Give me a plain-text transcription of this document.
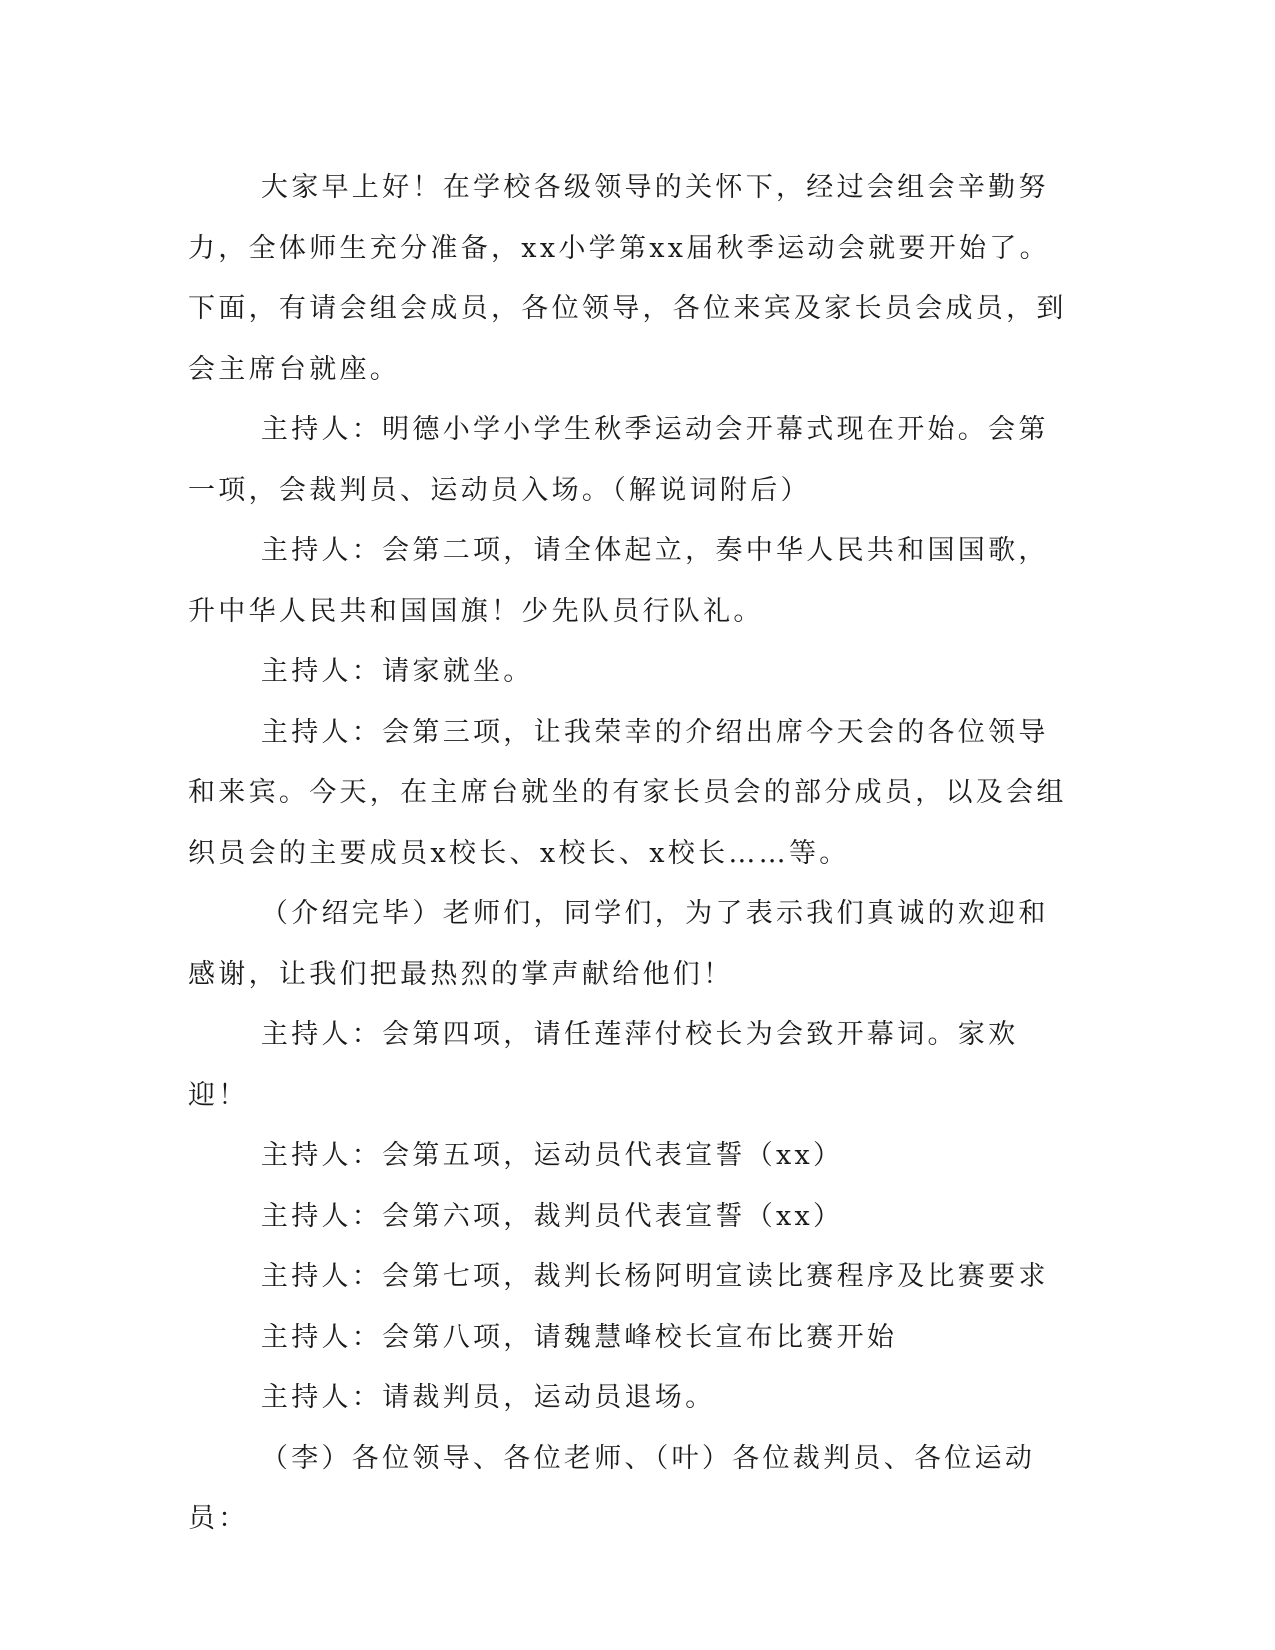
大家早上好！在学校各级领导的关怀下，经过会组会辛勤努力，全体师生充分准备，xx小学第xx届秋季运动会就要开始了。下面，有请会组会成员，各位领导，各位来宾及家长员会成员，到会主席台就座。

主持人：明德小学小学生秋季运动会开幕式现在开始。会第一项，会裁判员、运动员入场。（解说词附后）

主持人：会第二项，请全体起立，奏中华人民共和国国歌，升中华人民共和国国旗！少先队员行队礼。

主持人：请家就坐。

主持人：会第三项，让我荣幸的介绍出席今天会的各位领导和来宾。今天，在主席台就坐的有家长员会的部分成员，以及会组织员会的主要成员x校长、x校长、x校长……等。

（介绍完毕）老师们，同学们，为了表示我们真诚的欢迎和感谢，让我们把最热烈的掌声献给他们！

主持人：会第四项，请任莲萍付校长为会致开幕词。家欢迎！

主持人：会第五项，运动员代表宣誓（xx）

主持人：会第六项，裁判员代表宣誓（xx）

主持人：会第七项，裁判长杨阿明宣读比赛程序及比赛要求

主持人：会第八项，请魏慧峰校长宣布比赛开始

主持人：请裁判员，运动员退场。

（李）各位领导、各位老师、（叶）各位裁判员、各位运动员：
